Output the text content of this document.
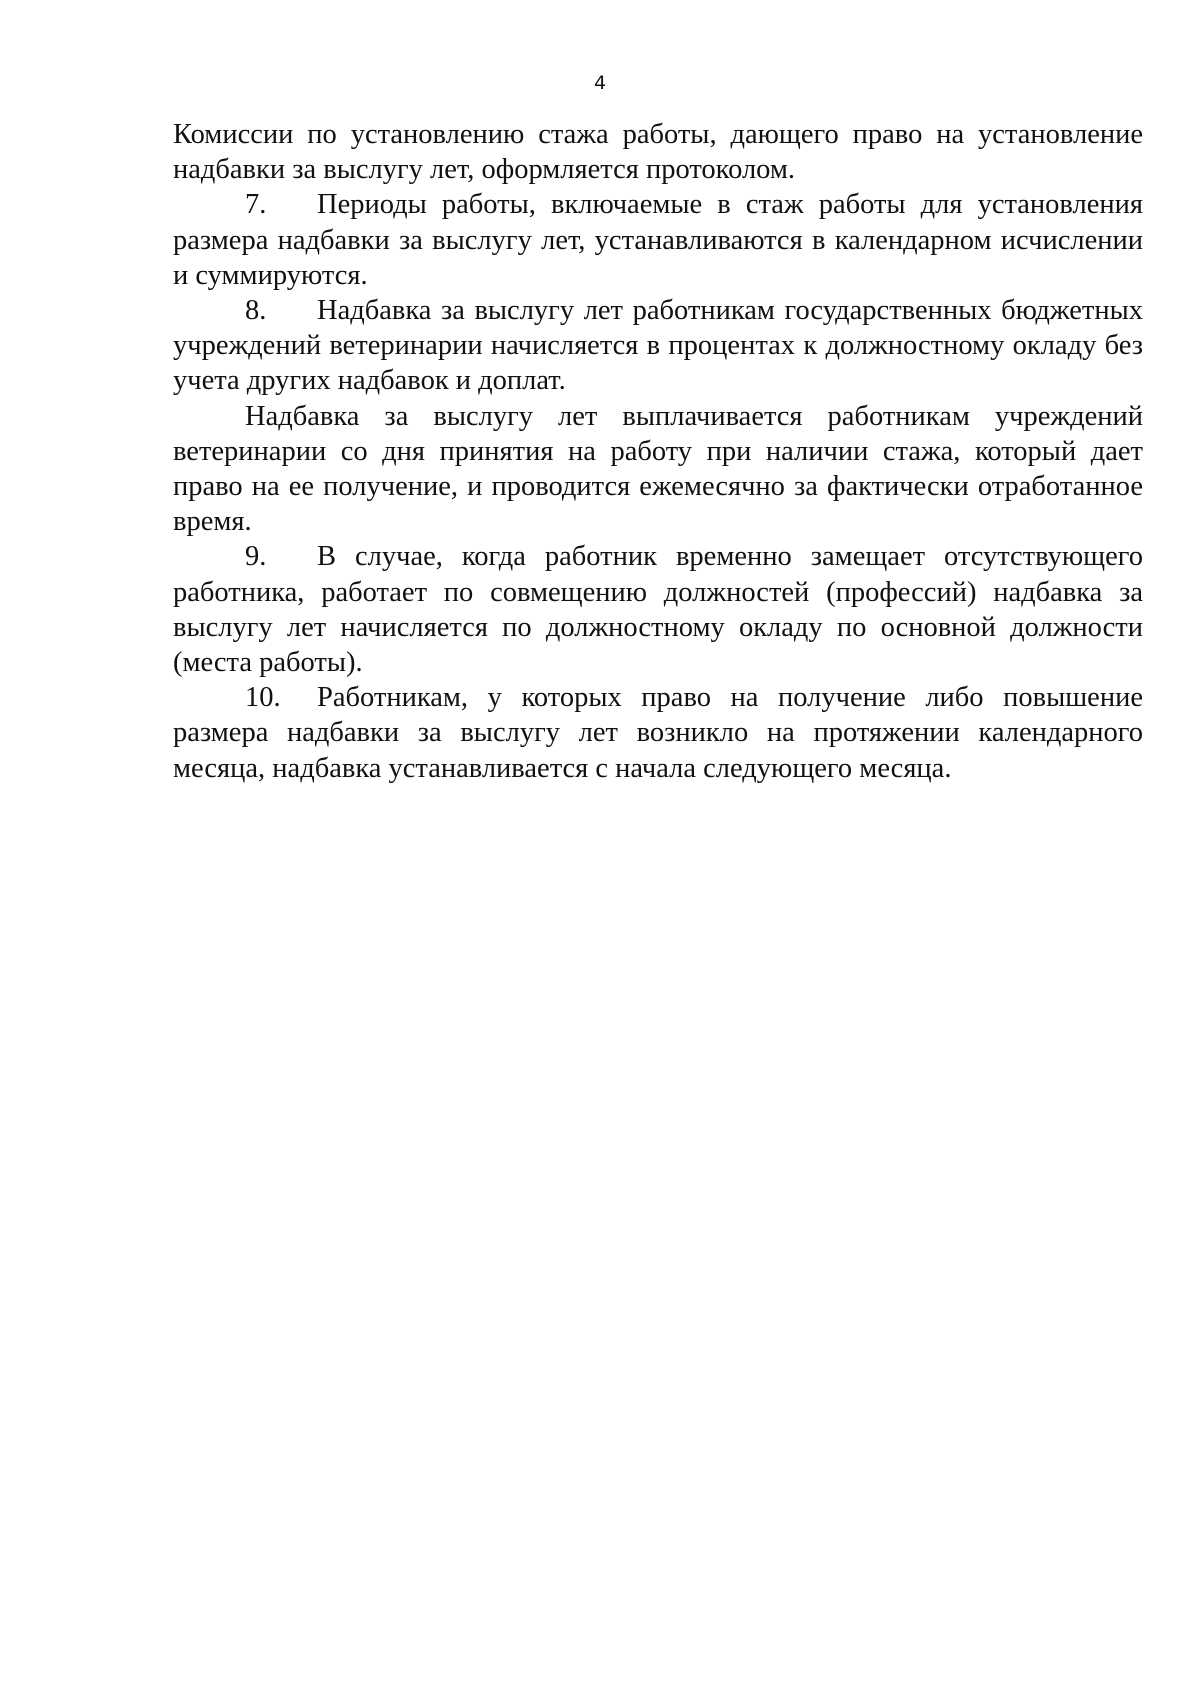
4

Комиссии по установлению стажа работы, дающего право на установление надбавки за выслугу лет, оформляется протоколом.

7. Периоды работы, включаемые в стаж работы для установления размера надбавки за выслугу лет, устанавливаются в календарном исчислении и суммируются.

8. Надбавка за выслугу лет работникам государственных бюджетных учреждений ветеринарии начисляется в процентах к должностному окладу без учета других надбавок и доплат.

Надбавка за выслугу лет выплачивается работникам учреждений ветеринарии со дня принятия на работу при наличии стажа, который дает право на ее получение, и проводится ежемесячно за фактически отработанное время.

9. В случае, когда работник временно замещает отсутствующего работника, работает по совмещению должностей (профессий) надбавка за выслугу лет начисляется по должностному окладу по основной должности (места работы).

10. Работникам, у которых право на получение либо повышение размера надбавки за выслугу лет возникло на протяжении календарного месяца, надбавка устанавливается с начала следующего месяца.
